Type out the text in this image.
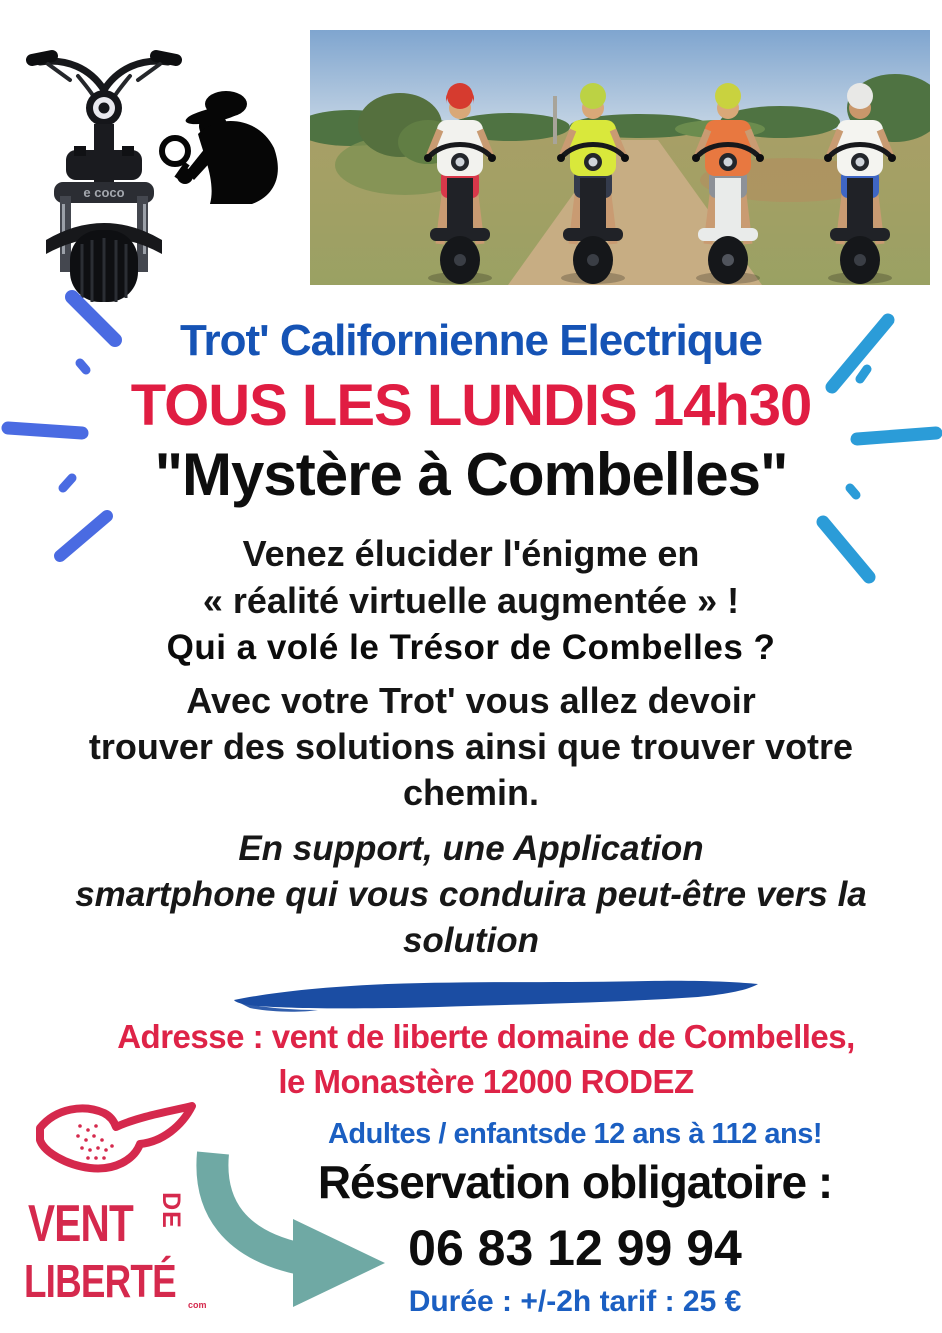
e coco
Trot' Californienne Electrique
TOUS LES LUNDIS 14h30
"Mystère à Combelles"
Venez élucider l'énigme en
« réalité virtuelle augmentée » !
Qui a volé le Trésor de Combelles ?
Avec votre Trot' vous allez devoir
trouver des solutions ainsi que trouver votre
chemin.
En support, une Application
smartphone qui vous conduira peut-être vers la
solution
Adresse : vent de liberte domaine de Combelles,
le Monastère 12000 RODEZ
VENT DE
LIBERTÉ com
Adultes / enfantsde 12 ans à 112 ans!
Réservation obligatoire :
06 83 12 99 94
Durée : +/-2h tarif : 25 €
